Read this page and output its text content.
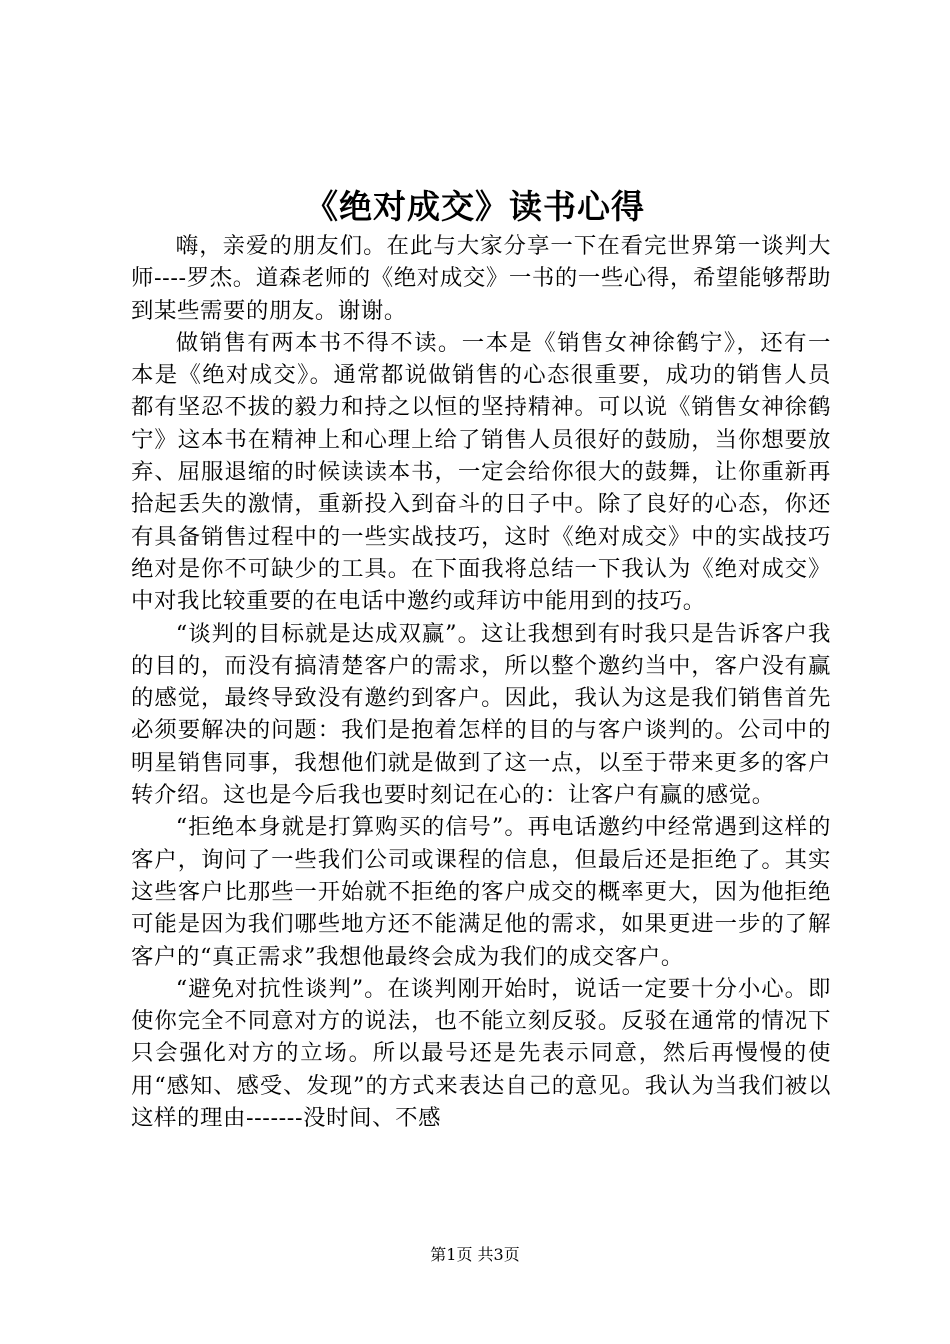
《绝对成交》读书心得

嗨，亲爱的朋友们。在此与大家分享一下在看完世界第一谈判大师----罗杰。道森老师的《绝对成交》一书的一些心得，希望能够帮助到某些需要的朋友。谢谢。

做销售有两本书不得不读。一本是《销售女神徐鹤宁》，还有一本是《绝对成交》。通常都说做销售的心态很重要，成功的销售人员都有坚忍不拔的毅力和持之以恒的坚持精神。可以说《销售女神徐鹤宁》这本书在精神上和心理上给了销售人员很好的鼓励，当你想要放弃、屈服退缩的时候读读本书，一定会给你很大的鼓舞，让你重新再拾起丢失的激情，重新投入到奋斗的日子中。除了良好的心态，你还有具备销售过程中的一些实战技巧，这时《绝对成交》中的实战技巧绝对是你不可缺少的工具。在下面我将总结一下我认为《绝对成交》中对我比较重要的在电话中邀约或拜访中能用到的技巧。

“谈判的目标就是达成双赢”。这让我想到有时我只是告诉客户我的目的，而没有搞清楚客户的需求，所以整个邀约当中，客户没有赢的感觉，最终导致没有邀约到客户。因此，我认为这是我们销售首先必须要解决的问题：我们是抱着怎样的目的与客户谈判的。公司中的明星销售同事，我想他们就是做到了这一点，以至于带来更多的客户转介绍。这也是今后我也要时刻记在心的：让客户有赢的感觉。

“拒绝本身就是打算购买的信号”。再电话邀约中经常遇到这样的客户，询问了一些我们公司或课程的信息，但最后还是拒绝了。其实这些客户比那些一开始就不拒绝的客户成交的概率更大，因为他拒绝可能是因为我们哪些地方还不能满足他的需求，如果更进一步的了解客户的“真正需求”我想他最终会成为我们的成交客户。

“避免对抗性谈判”。在谈判刚开始时，说话一定要十分小心。即使你完全不同意对方的说法，也不能立刻反驳。反驳在通常的情况下只会强化对方的立场。所以最号还是先表示同意，然后再慢慢的使用“感知、感受、发现”的方式来表达自己的意见。我认为当我们被以这样的理由-------没时间、不感

第1页 共3页
